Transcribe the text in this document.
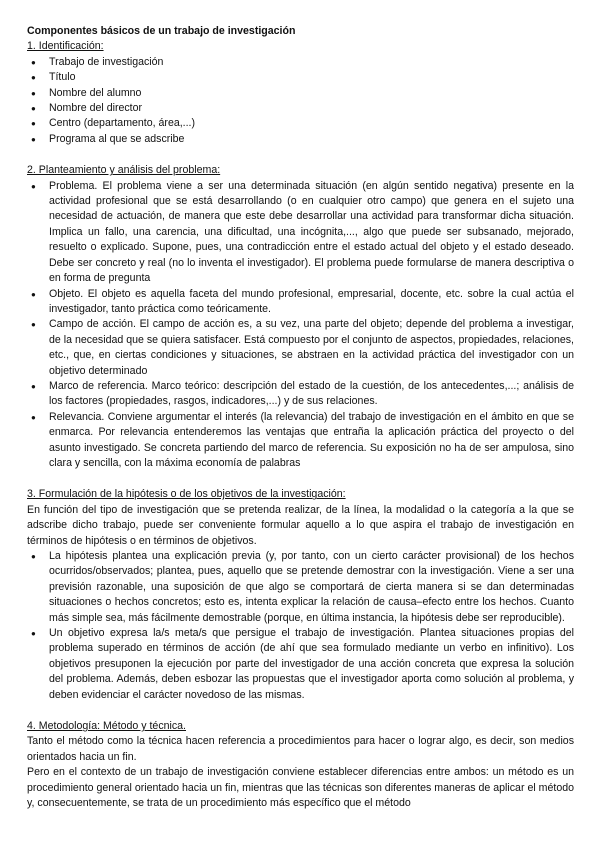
Componentes básicos de un trabajo de investigación

1. Identificación:

● Trabajo de investigación
● Título
● Nombre del alumno
● Nombre del director
● Centro (departamento, área,...)
● Programa al que se adscribe

2. Planteamiento y análisis del problema:

● Problema. El problema viene a ser una determinada situación (en algún sentido negativa) presente en la actividad profesional que se está desarrollando (o en cualquier otro campo) que genera en el sujeto una necesidad de actuación, de manera que este debe desarrollar una actividad para transformar dicha situación. Implica un fallo, una carencia, una dificultad, una incógnita,..., algo que puede ser subsanado, mejorado, resuelto o explicado. Supone, pues, una contradicción entre el estado actual del objeto y el estado deseado. Debe ser concreto y real (no lo inventa el investigador). El problema puede formularse de manera descriptiva o en forma de pregunta
● Objeto. El objeto es aquella faceta del mundo profesional, empresarial, docente, etc. sobre la cual actúa el investigador, tanto práctica como teóricamente.
● Campo de acción. El campo de acción es, a su vez, una parte del objeto; depende del problema a investigar, de la necesidad que se quiera satisfacer. Está compuesto por el conjunto de aspectos, propiedades, relaciones, etc., que, en ciertas condiciones y situaciones, se abstraen en la actividad práctica del investigador con un objetivo determinado
● Marco de referencia. Marco teórico: descripción del estado de la cuestión, de los antecedentes,...; análisis de los factores (propiedades, rasgos, indicadores,...) y de sus relaciones.
● Relevancia. Conviene argumentar el interés (la relevancia) del trabajo de investigación en el ámbito en que se enmarca. Por relevancia entenderemos las ventajas que entraña la aplicación práctica del proyecto o del asunto investigado. Se concreta partiendo del marco de referencia. Su exposición no ha de ser ampulosa, sino clara y sencilla, con la máxima economía de palabras

3. Formulación de la hipótesis o de los objetivos de la investigación:

En función del tipo de investigación que se pretenda realizar, de la línea, la modalidad o la categoría a la que se adscribe dicho trabajo, puede ser conveniente formular aquello a lo que aspira el trabajo de investigación en términos de hipótesis o en términos de objetivos.

● La hipótesis plantea una explicación previa (y, por tanto, con un cierto carácter provisional) de los hechos ocurridos/observados; plantea, pues, aquello que se pretende demostrar con la investigación. Viene a ser una previsión razonable, una suposición de que algo se comportará de cierta manera si se dan determinadas situaciones o hechos concretos; esto es, intenta explicar la relación de causa–efecto entre los hechos. Cuanto más simple sea, más fácilmente demostrable (porque, en última instancia, la hipótesis debe ser reproducible).
● Un objetivo expresa la/s meta/s que persigue el trabajo de investigación. Plantea situaciones propias del problema superado en términos de acción (de ahí que sea formulado mediante un verbo en infinitivo). Los objetivos presuponen la ejecución por parte del investigador de una acción concreta que expresa la solución del problema. Además, deben esbozar las propuestas que el investigador aporta como solución al problema, y deben evidenciar el carácter novedoso de las mismas.

4. Metodología: Método y técnica.

Tanto el método como la técnica hacen referencia a procedimientos para hacer o lograr algo, es decir, son medios orientados hacia un fin.

Pero en el contexto de un trabajo de investigación conviene establecer diferencias entre ambos: un método es un procedimiento general orientado hacia un fin, mientras que las técnicas son diferentes maneras de aplicar el método y, consecuentemente, se trata de un procedimiento más específico que el método
